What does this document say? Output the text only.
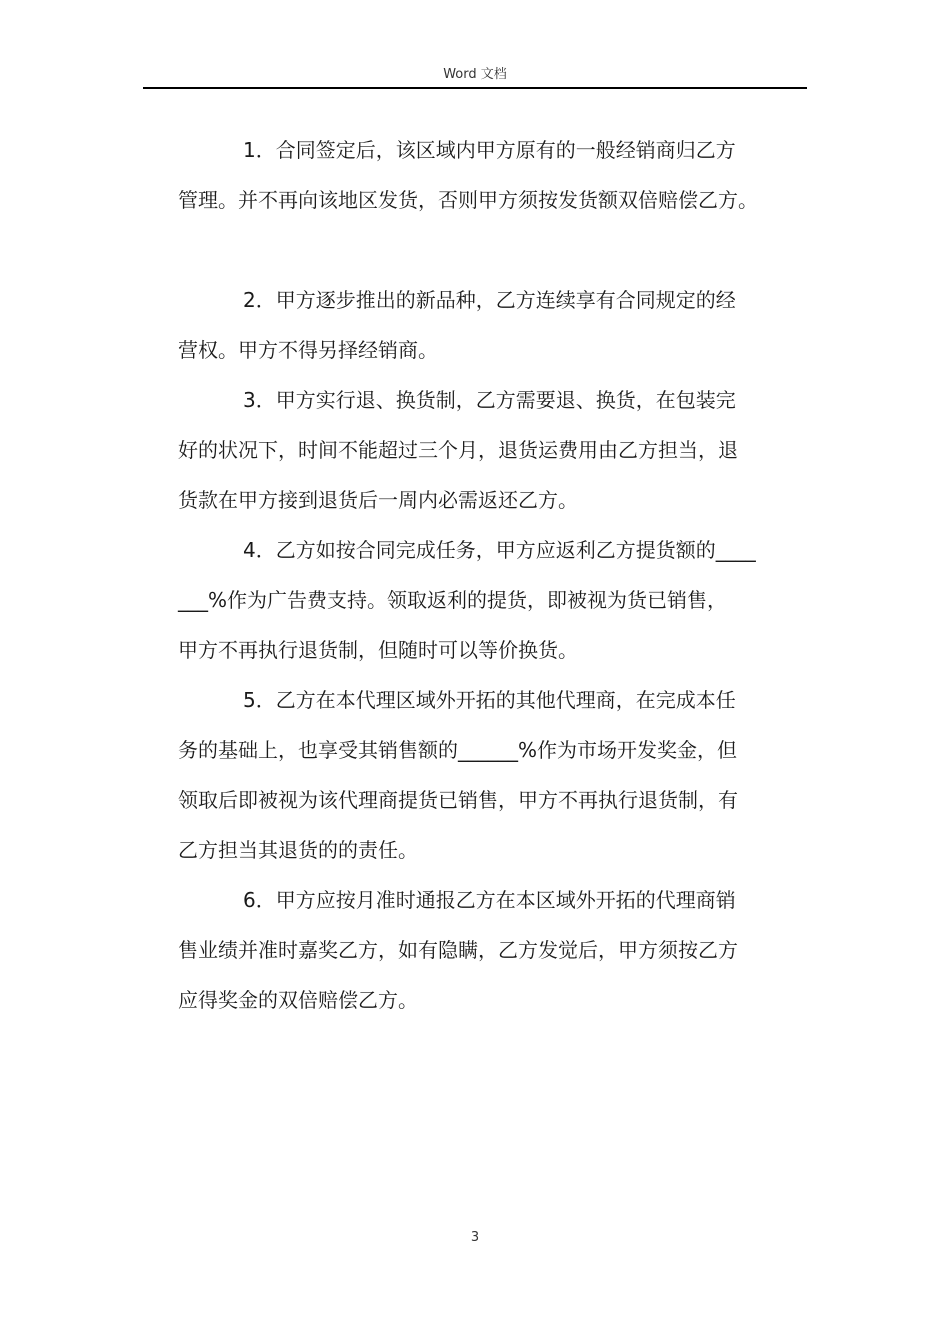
Word 文档
1．合同签定后，该区域内甲方原有的一般经销商归乙方
管理。并不再向该地区发货，否则甲方须按发货额双倍赔偿乙方。
2．甲方逐步推出的新品种，乙方连续享有合同规定的经
营权。甲方不得另择经销商。
3．甲方实行退、换货制，乙方需要退、换货，在包装完
好的状况下，时间不能超过三个月，退货运费用由乙方担当，退
货款在甲方接到退货后一周内必需返还乙方。
4．乙方如按合同完成任务，甲方应返利乙方提货额的____
___%作为广告费支持。领取返利的提货，即被视为货已销售，
甲方不再执行退货制，但随时可以等价换货。
5．乙方在本代理区域外开拓的其他代理商，在完成本任
务的基础上，也享受其销售额的______%作为市场开发奖金，但
领取后即被视为该代理商提货已销售，甲方不再执行退货制，有
乙方担当其退货的的责任。
6．甲方应按月准时通报乙方在本区域外开拓的代理商销
售业绩并准时嘉奖乙方，如有隐瞒，乙方发觉后，甲方须按乙方
应得奖金的双倍赔偿乙方。
3
